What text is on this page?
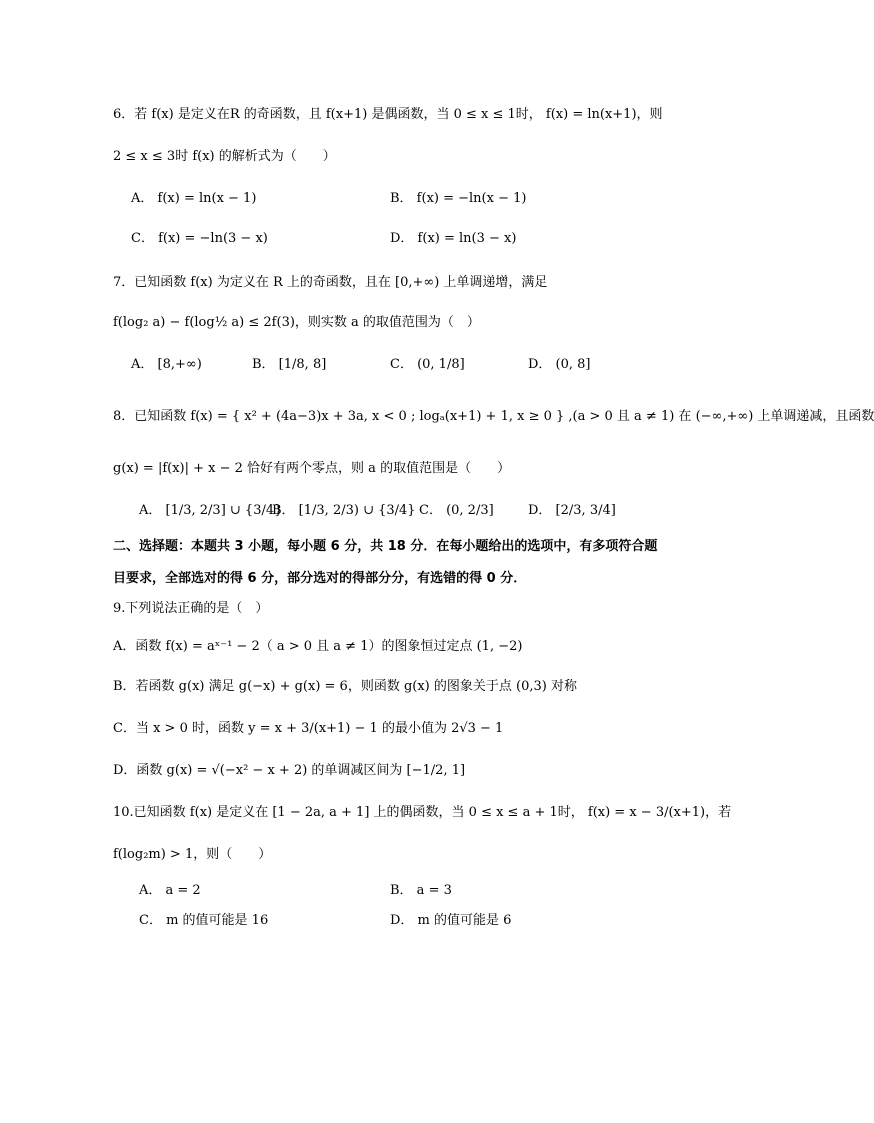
6．若 f(x) 是定义在R 的奇函数，且 f(x+1) 是偶函数，当 0 ≤ x ≤ 1时， f(x) = ln(x+1)，则
2 ≤ x ≤ 3时 f(x) 的解析式为（　　）
A． f(x) = ln(x − 1)	B． f(x) = −ln(x − 1)
C． f(x) = −ln(3 − x)	D． f(x) = ln(3 − x)
7．已知函数 f(x) 为定义在 R 上的奇函数，且在 [0,+∞) 上单调递增，满足
f(log₂ a) − f(log½ a) ≤ 2f(3)，则实数 a 的取值范围为（　）
A． [8,+∞)	B． [1/8, 8]	C． (0, 1/8]	D． (0, 8]
8．已知函数 f(x) = { x² + (4a−3)x + 3a, x < 0 ; logₐ(x+1) + 1, x ≥ 0 } ,(a > 0 且 a ≠ 1) 在 (−∞,+∞) 上单调递减，且函数
g(x) = |f(x)| + x − 2 恰好有两个零点，则 a 的取值范围是（　　）
A． [1/3, 2/3] ∪ {3/4}
B． [1/3, 2/3) ∪ {3/4} C． (0, 2/3]	D． [2/3, 3/4]
二、选择题：本题共 3 小题，每小题 6 分，共 18 分．在每小题给出的选项中，有多项符合题
目要求，全部选对的得 6 分，部分选对的得部分分，有选错的得 0 分．
9.下列说法正确的是（　）
A．函数 f(x) = aˣ⁻¹ − 2（ a > 0 且 a ≠ 1）的图象恒过定点 (1, −2)
B．若函数 g(x) 满足 g(−x) + g(x) = 6，则函数 g(x) 的图象关于点 (0,3) 对称
C．当 x > 0 时，函数 y = x + 3/(x+1) − 1 的最小值为 2√3 − 1
D．函数 g(x) = √(−x² − x + 2) 的单调减区间为 [−1/2, 1]
10.已知函数 f(x) 是定义在 [1 − 2a, a + 1] 上的偶函数，当 0 ≤ x ≤ a + 1时， f(x) = x − 3/(x+1)，若
f(log₂m) > 1，则（　　）
A． a = 2	B． a = 3
C． m 的值可能是 16	D． m 的值可能是 6
